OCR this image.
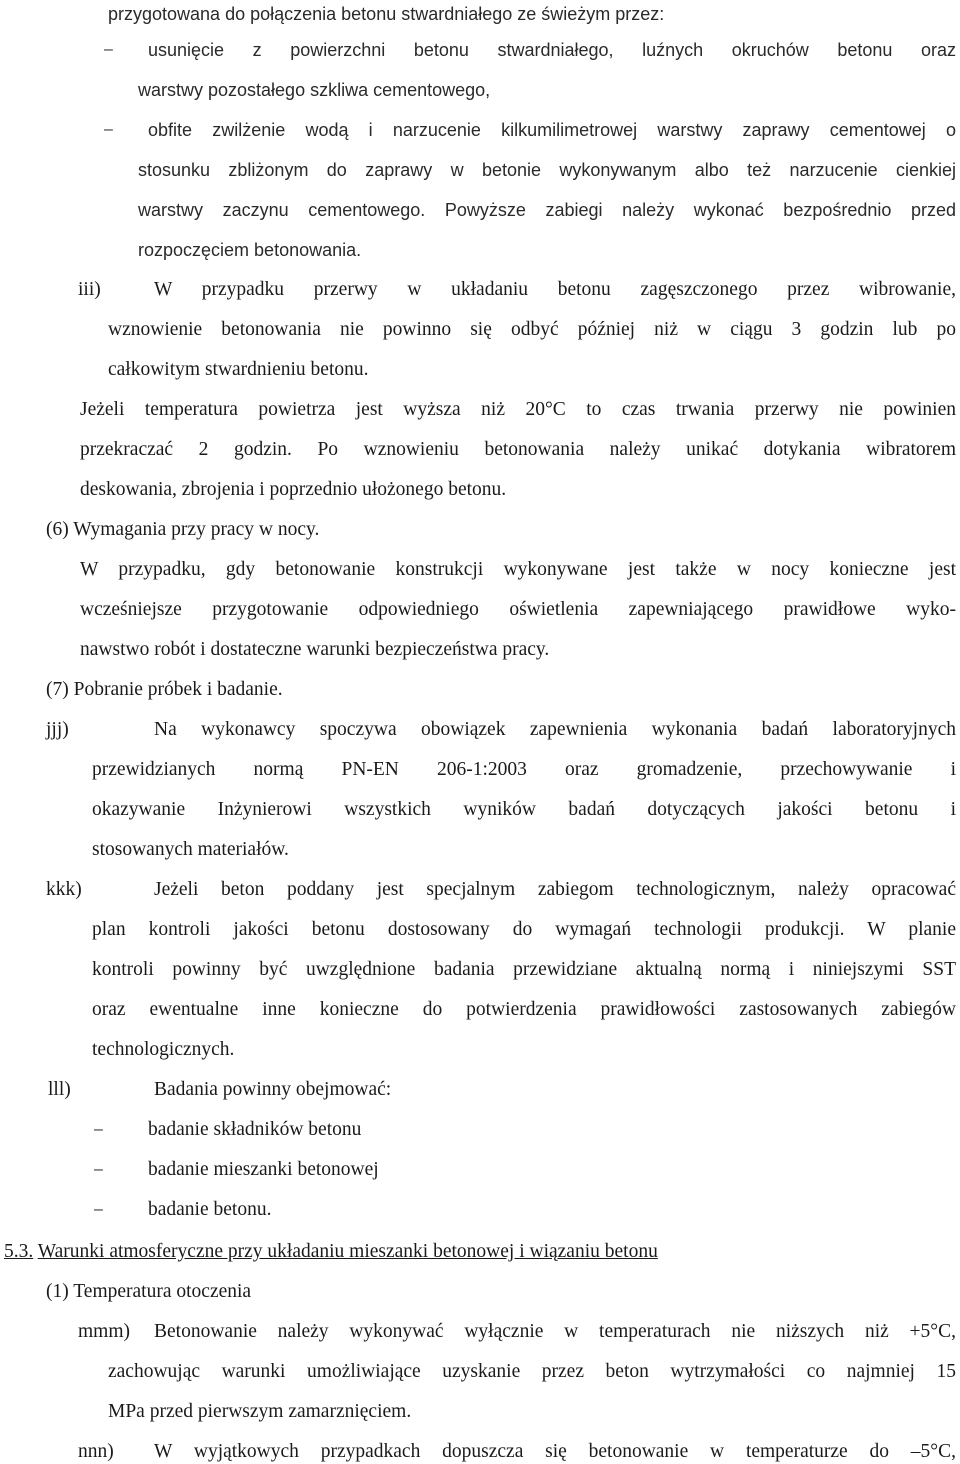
przygotowana do połączenia betonu stwardniałego ze świeżym przez:
– usunięcie z powierzchni betonu stwardniałego, luźnych okruchów betonu oraz
warstwy pozostałego szkliwa cementowego,
– obfite zwilżenie wodą i narzucenie kilkumilimetrowej warstwy zaprawy cementowej o
stosunku zbliżonym do zaprawy w betonie wykonywanym albo też narzucenie cienkiej
warstwy zaczynu cementowego. Powyższe zabiegi należy wykonać bezpośrednio przed
rozpoczęciem betonowania.
iii)	W przypadku przerwy w układaniu betonu zagęszczonego przez wibrowanie,
wznowienie betonowania nie powinno się odbyć później niż w ciągu 3 godzin lub po
całkowitym stwardnieniu betonu.
Jeżeli temperatura powietrza jest wyższa niż 20°C to czas trwania przerwy nie powinien
przekraczać 2 godzin. Po wznowieniu betonowania należy unikać dotykania wibratorem
deskowania, zbrojenia i poprzednio ułożonego betonu.
(6) Wymagania przy pracy w nocy.
W przypadku, gdy betonowanie konstrukcji wykonywane jest także w nocy konieczne jest
wcześniejsze przygotowanie odpowiedniego oświetlenia zapewniającego prawidłowe wyko-
nawstwo robót i dostateczne warunki bezpieczeństwa pracy.
(7) Pobranie próbek i badanie.
jjj)	Na wykonawcy spoczywa obowiązek zapewnienia wykonania badań laboratoryjnych
przewidzianych normą PN-EN 206-1:2003 oraz gromadzenie, przechowywanie i
okazywanie Inżynierowi wszystkich wyników badań dotyczących jakości betonu i
stosowanych materiałów.
kkk)	Jeżeli beton poddany jest specjalnym zabiegom technologicznym, należy opracować
plan kontroli jakości betonu dostosowany do wymagań technologii produkcji. W planie
kontroli powinny być uwzględnione badania przewidziane aktualną normą i niniejszymi SST
oraz ewentualne inne konieczne do potwierdzenia prawidłowości zastosowanych zabiegów
technologicznych.
lll)	Badania powinny obejmować:
– badanie składników betonu
– badanie mieszanki betonowej
– badanie betonu.
5.3. Warunki atmosferyczne przy układaniu mieszanki betonowej i wiązaniu betonu
(1) Temperatura otoczenia
mmm) Betonowanie należy wykonywać wyłącznie w temperaturach nie niższych niż +5°C,
zachowując warunki umożliwiające uzyskanie przez beton wytrzymałości co najmniej 15
MPa przed pierwszym zamarznięciem.
nnn) W wyjątkowych przypadkach dopuszcza się betonowanie w temperaturze do –5°C,
